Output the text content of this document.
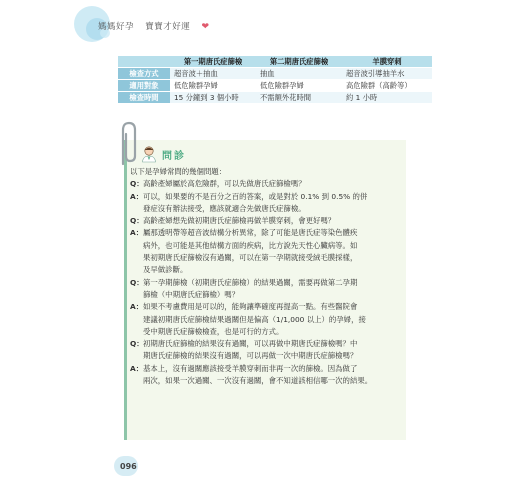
媽媽好孕 寶寶才好運 ❤
	第一期唐氏症篩檢	第二期唐氏症篩檢	羊膜穿刺
檢查方式	超音波＋抽血	抽血	超音波引導抽羊水
適用對象	低危險群孕婦	低危險群孕婦	高危險群（高齡等）
檢查時間	15 分鐘到 3 個小時	不需額外花時間	約 1 小時
問診
以下是孕婦常問的幾個問題：
Q： 高齡產婦屬於高危險群，可以先做唐氏症篩檢嗎？
A： 可以，如果要的不是百分之百的答案，或是對於 0.1% 到 0.5% 的併
發症沒有辦法接受，應該就適合先做唐氏症篩檢。
Q： 高齡產婦想先做初期唐氏症篩檢再做羊膜穿刺，會更好嗎？
A： 屬那透明帶等超音波結構分析異常，除了可能是唐氏症等染色體疾
病外，也可能是其他結構方面的疾病，比方說先天性心臟病等。如
果初期唐氏症篩檢沒有過關，可以在第一孕期就接受絨毛膜採樣，
及早做診斷。
Q： 第一孕期篩檢（初期唐氏症篩檢）的結果過關，需要再做第二孕期
篩檢（中期唐氏症篩檢）嗎？
A： 如果不考慮費用是可以的，能夠讓準確度再提高一點。有些醫院會
建議初期唐氏症篩檢結果過關但是偏高（1/1,000 以上）的孕婦，接
受中期唐氏症篩檢檢查，也是可行的方式。
Q： 初期唐氏症篩檢的結果沒有過關，可以再做中期唐氏症篩檢嗎？中
期唐氏症篩檢的結果沒有過關，可以再做一次中期唐氏症篩檢嗎？
A： 基本上，沒有過關應該接受羊膜穿刺而非再一次的篩檢。因為做了
兩次，如果一次過關、一次沒有過關，會不知道該相信哪一次的結果。
096
